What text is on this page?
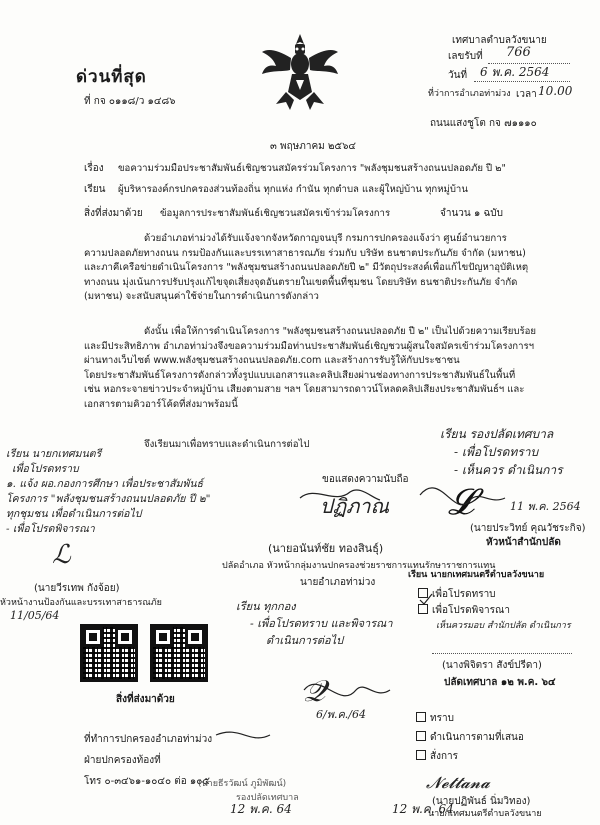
ด่วนที่สุด
ที่ กจ ๐๑๑๘/ว ๑๔๘๖
เทศบาลตำบลวังขนาย
เลขรับที่ 766
วันที่ 6 พ.ค. 2564
ที่ว่าการอำเภอท่าม่วง เวลา 10.00
ถนนแสงชูโต กจ ๗๑๑๑๐
๓ พฤษภาคม ๒๕๖๔
เรื่อง ขอความร่วมมือประชาสัมพันธ์เชิญชวนสมัครร่วมโครงการ "พลังชุมชนสร้างถนนปลอดภัย ปี ๒"
เรียน ผู้บริหารองค์กรปกครองส่วนท้องถิ่น ทุกแห่ง กำนัน ทุกตำบล และผู้ใหญ่บ้าน ทุกหมู่บ้าน
สิ่งที่ส่งมาด้วย ข้อมูลการประชาสัมพันธ์เชิญชวนสมัครเข้าร่วมโครงการ	จำนวน ๑ ฉบับ
ด้วยอำเภอท่าม่วงได้รับแจ้งจากจังหวัดกาญจนบุรี กรมการปกครองแจ้งว่า ศูนย์อำนวยการ
ความปลอดภัยทางถนน กรมป้องกันและบรรเทาสาธารณภัย ร่วมกับ บริษัท ธนชาตประกันภัย จำกัด (มหาชน)
และภาคีเครือข่ายดำเนินโครงการ "พลังชุมชนสร้างถนนปลอดภัยปี ๒" มีวัตถุประสงค์เพื่อแก้ไขปัญหาอุบัติเหตุ
ทางถนน มุ่งเน้นการปรับปรุงแก้ไขจุดเสี่ยงจุดอันตรายในเขตพื้นที่ชุมชน โดยบริษัท ธนชาติประกันภัย จำกัด
(มหาชน) จะสนับสนุนค่าใช้จ่ายในการดำเนินการดังกล่าว
ดังนั้น เพื่อให้การดำเนินโครงการ "พลังชุมชนสร้างถนนปลอดภัย ปี ๒" เป็นไปด้วยความเรียบร้อย
และมีประสิทธิภาพ อำเภอท่าม่วงจึงขอความร่วมมือท่านประชาสัมพันธ์เชิญชวนผู้สนใจสมัครเข้าร่วมโครงการฯ
ผ่านทางเว็บไซต์ www.พลังชุมชนสร้างถนนปลอดภัย.com และสร้างการรับรู้ให้กับประชาชน
โดยประชาสัมพันธ์โครงการดังกล่าวทั้งรูปแบบเอกสารและคลิปเสียงผ่านช่องทางการประชาสัมพันธ์ในพื้นที่
เช่น หอกระจายข่าวประจำหมู่บ้าน เสียงตามสาย ฯลฯ โดยสามารถดาวน์โหลดคลิปเสียงประชาสัมพันธ์ฯ และ
เอกสารตามคิวอาร์โค้ดที่ส่งมาพร้อมนี้
จึงเรียนมาเพื่อทราบและดำเนินการต่อไป
เรียน รองปลัดเทศบาล
- เพื่อโปรดทราบ
- เห็นควร ดำเนินการ
𝓛	11 พ.ค. 2564
(นายประวิทย์ คุณวัชระกิจ)
หัวหน้าสำนักปลัด
เรียน นายกเทศมนตรี
เพื่อโปรดทราบ
๑. แจ้ง ผอ.กองการศึกษา เพื่อประชาสัมพันธ์
โครงการ "พลังชุมชนสร้างถนนปลอดภัย ปี ๒"
ทุกชุมชน เพื่อดำเนินการต่อไป
- เพื่อโปรดพิจารณา
ℒ
(นายวีรเทพ กังจ้อย)
หัวหน้างานป้องกันและบรรเทาสาธารณภัย
11/05/64
ขอแสดงความนับถือ
ปฏิภาณ
(นายอนันท์ชัย ทองสินธุ์)
ปลัดอำเภอ หัวหน้ากลุ่มงานปกครองช่วยราชการแทนรักษาราชการแทน
นายอำเภอท่าม่วง
เรียน นายกเทศมนตรีตำบลวังขนาย
เพื่อโปรดทราบ
เพื่อโปรดพิจารณา
เห็นควรมอบ สำนักปลัด ดำเนินการ
(นางพิจิตรา สังข์ปรีดา)
ปลัดเทศบาล ๑๒ พ.ค. ๖๔
ทราบ
ดำเนินการตามที่เสนอ
สั่งการ
𝓝𝓮𝓽𝓽𝓪𝓷𝓪
(นายปฏิพันธ์ นิ่มวิทอง)
นายกเทศมนตรีตำบลวังขนาย
เรียน ทุกกอง
- เพื่อโปรดทราบ และพิจารณา
ดำเนินการต่อไป
𝒬
6/พ.ค./64
สิ่งที่ส่งมาด้วย
ที่ทำการปกครองอำเภอท่าม่วง
ฝ่ายปกครองท้องที่
โทร ๐-๓๔๖๑-๑๐๔๐ ต่อ ๑๐๕
(นายธีรวัฒน์ ภูมิพัฒน์)
รองปลัดเทศบาล
12 พ.ค. 64	12 พ.ค. 64
